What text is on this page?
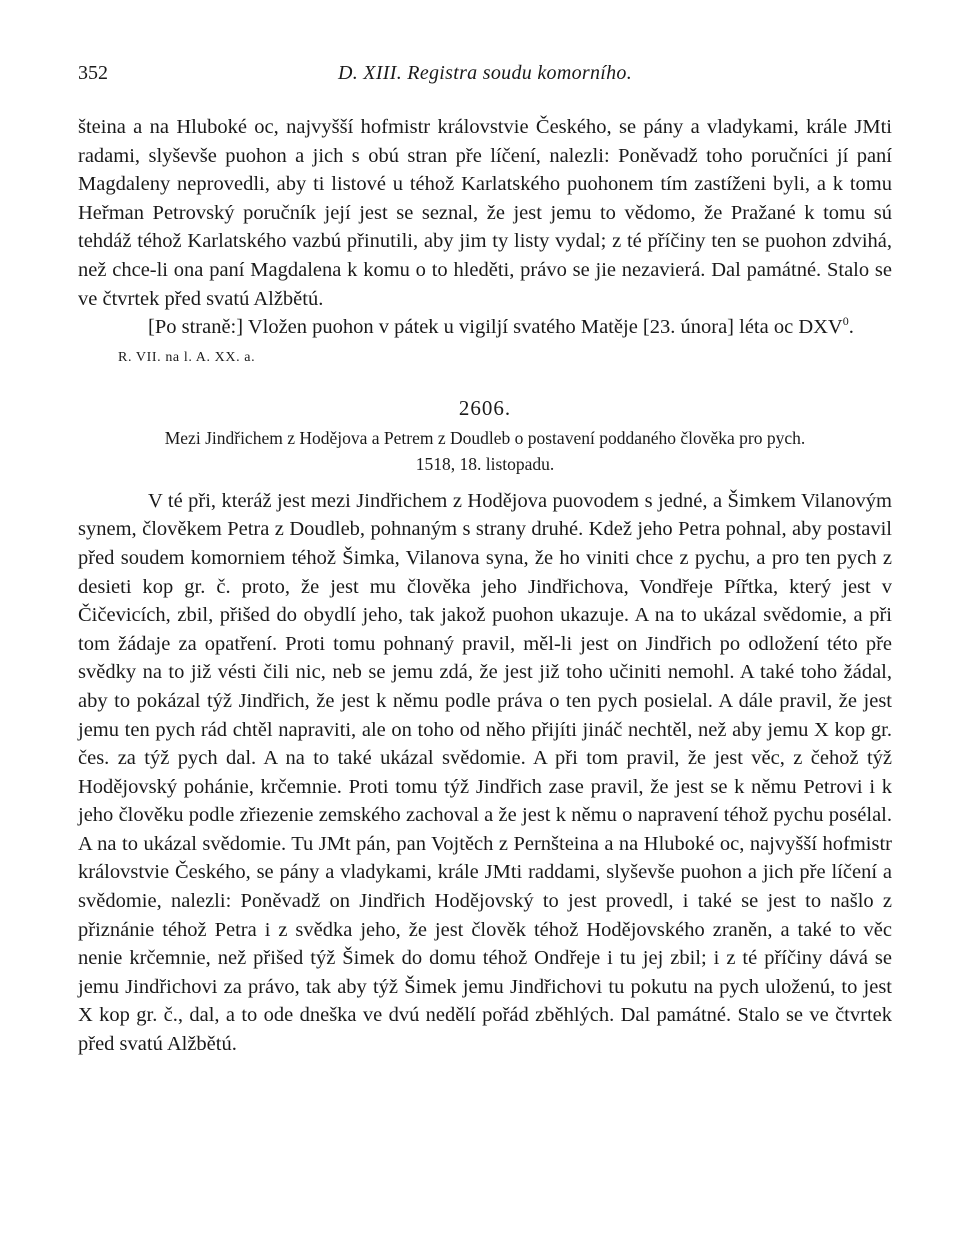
352	D. XIII. Registra soudu komorního.

šteina a na Hluboké oc, najvyšší hofmistr královstvie Českého, se pány a vladykami, krále JMti radami, slyševše puohon a jich s obú stran pře líčení, nalezli: Poněvadž toho poručníci jí paní Magdaleny neprovedli, aby ti listové u téhož Karlatského puohonem tím zastíženi byli, a k tomu Heřman Petrovský poručník její jest se seznal, že jest jemu to vědomo, že Pražané k tomu sú tehdáž téhož Karlatského vazbú přinutili, aby jim ty listy vydal; z té příčiny ten se puohon zdvihá, než chce-li ona paní Magdalena k komu o to hleděti, právo se jie nezavierá. Dal památné. Stalo se ve čtvrtek před svatú Alžbětú.

[Po straně:] Vložen puohon v pátek u vigiljí svatého Matěje [23. února] léta oc DXV$^0$.

R. VII. na l. A. XX. a.

2606.
Mezi Jindřichem z Hodějova a Petrem z Doudleb o postavení poddaného člověka pro pych.
1518, 18. listopadu.

V té při, kteráž jest mezi Jindřichem z Hodějova puovodem s jedné, a Šimkem Vilanovým synem, člověkem Petra z Doudleb, pohnaným s strany druhé. Kdež jeho Petra pohnal, aby postavil před soudem komorniem téhož Šimka, Vilanova syna, že ho viniti chce z pychu, a pro ten pych z desieti kop gr. č. proto, že jest mu člověka jeho Jindřichova, Vondřeje Pířtka, který jest v Čičevicích, zbil, přišed do obydlí jeho, tak jakož puohon ukazuje. A na to ukázal svědomie, a při tom žádaje za opatření. Proti tomu pohnaný pravil, měl-li jest on Jindřich po odložení této pře svědky na to již vésti čili nic, neb se jemu zdá, že jest již toho učiniti nemohl. A také toho žádal, aby to pokázal týž Jindřich, že jest k němu podle práva o ten pych posielal. A dále pravil, že jest jemu ten pych rád chtěl napraviti, ale on toho od něho přijíti jináč nechtěl, než aby jemu X kop gr. čes. za týž pych dal. A na to také ukázal svědomie. A při tom pravil, že jest věc, z čehož týž Hodějovský pohánie, krčemnie. Proti tomu týž Jindřich zase pravil, že jest se k němu Petrovi i k jeho člověku podle zřiezenie zemského zachoval a že jest k němu o napravení téhož pychu posélal. A na to ukázal svědomie. Tu JMt pán, pan Vojtěch z Pernšteina a na Hluboké oc, najvyšší hofmistr královstvie Českého, se pány a vladykami, krále JMti raddami, slyševše puohon a jich pře líčení a svědomie, nalezli: Poněvadž on Jindřich Hodějovský to jest provedl, i také se jest to našlo z přiznánie téhož Petra i z svědka jeho, že jest člověk téhož Hodějovského zraněn, a také to věc nenie krčemnie, než přišed týž Šimek do domu téhož Ondřeje i tu jej zbil; i z té příčiny dává se jemu Jindřichovi za právo, tak aby týž Šimek jemu Jindřichovi tu pokutu na pych uloženú, to jest X kop gr. č., dal, a to ode dneška ve dvú nedělí pořád zběhlých. Dal památné. Stalo se ve čtvrtek před svatú Alžbětú.
